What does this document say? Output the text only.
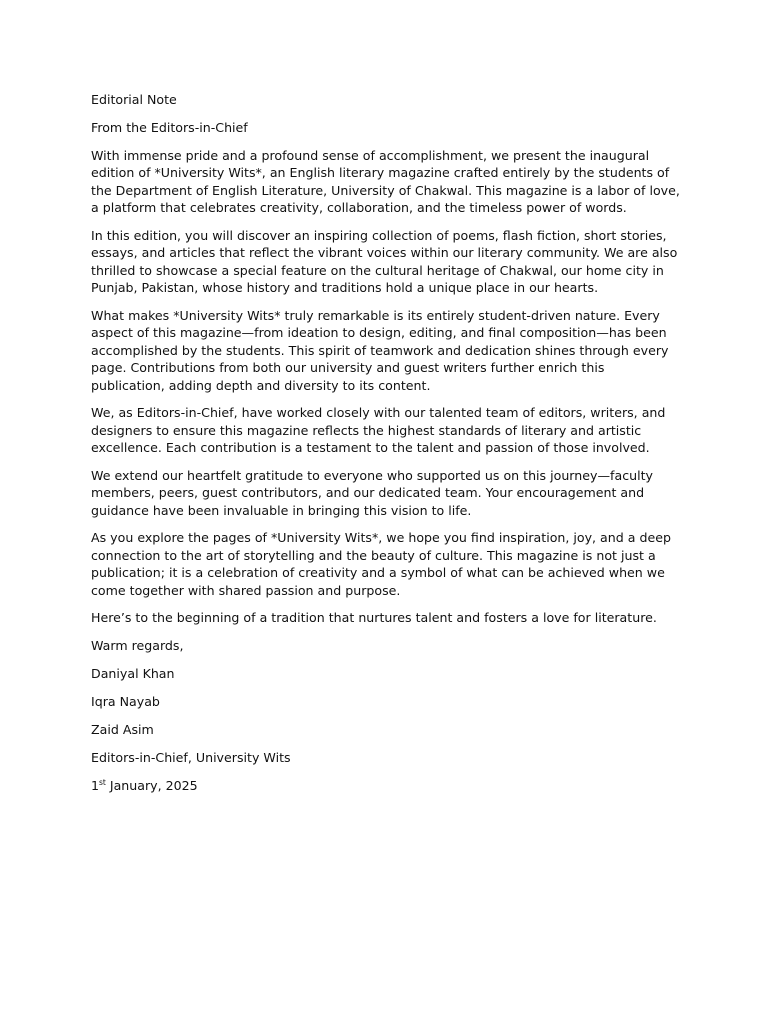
Editorial Note

From the Editors-in-Chief

With immense pride and a profound sense of accomplishment, we present the inaugural edition of *University Wits*, an English literary magazine crafted entirely by the students of the Department of English Literature, University of Chakwal. This magazine is a labor of love, a platform that celebrates creativity, collaboration, and the timeless power of words.

In this edition, you will discover an inspiring collection of poems, flash fiction, short stories, essays, and articles that reflect the vibrant voices within our literary community. We are also thrilled to showcase a special feature on the cultural heritage of Chakwal, our home city in Punjab, Pakistan, whose history and traditions hold a unique place in our hearts.

What makes *University Wits* truly remarkable is its entirely student-driven nature. Every aspect of this magazine—from ideation to design, editing, and final composition—has been accomplished by the students. This spirit of teamwork and dedication shines through every page. Contributions from both our university and guest writers further enrich this publication, adding depth and diversity to its content.

We, as Editors-in-Chief, have worked closely with our talented team of editors, writers, and designers to ensure this magazine reflects the highest standards of literary and artistic excellence. Each contribution is a testament to the talent and passion of those involved.

We extend our heartfelt gratitude to everyone who supported us on this journey—faculty members, peers, guest contributors, and our dedicated team. Your encouragement and guidance have been invaluable in bringing this vision to life.

As you explore the pages of *University Wits*, we hope you find inspiration, joy, and a deep connection to the art of storytelling and the beauty of culture. This magazine is not just a publication; it is a celebration of creativity and a symbol of what can be achieved when we come together with shared passion and purpose.

Here’s to the beginning of a tradition that nurtures talent and fosters a love for literature.

Warm regards,

Daniyal Khan

Iqra Nayab

Zaid Asim

Editors-in-Chief, University Wits

1st January, 2025
